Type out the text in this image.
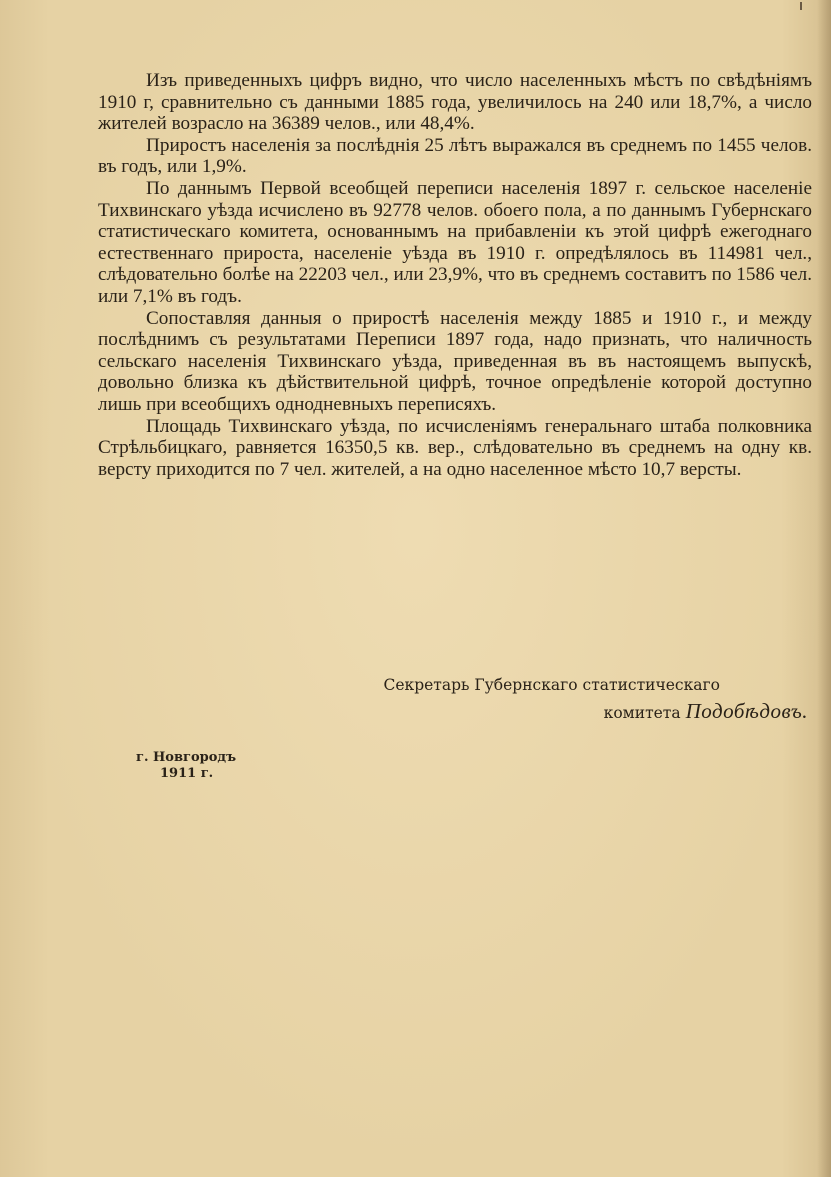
Изъ приведенныхъ цифръ видно, что число населенныхъ мѣстъ по свѣдѣніямъ 1910 г, сравнительно съ данными 1885 года, увеличилось на 240 или 18,7%, а число жителей возрасло на 36389 челов., или 48,4%.

Приростъ населенія за послѣднія 25 лѣтъ выражался въ среднемъ по 1455 челов. въ годъ, или 1,9%.

По даннымъ Первой всеобщей переписи населенія 1897 г. сельское населеніе Тихвинскаго уѣзда исчислено въ 92778 челов. обоего пола, а по даннымъ Губернскаго статистическаго комитета, основаннымъ на прибавленіи къ этой цифрѣ ежегоднаго естественнаго прироста, населеніе уѣзда въ 1910 г. опредѣлялось въ 114981 чел., слѣдовательно болѣе на 22203 чел., или 23,9%, что въ среднемъ составитъ по 1586 чел. или 7,1% въ годъ.

Сопоставляя данныя о приростѣ населенія между 1885 и 1910 г., и между послѣднимъ съ результатами Переписи 1897 года, надо признать, что наличность сельскаго населенія Тихвинскаго уѣзда, приведенная въ въ настоящемъ выпускѣ, довольно близка къ дѣйствительной цифрѣ, точное опредѣленіе которой доступно лишь при всеобщихъ однодневныхъ переписяхъ.

Площадь Тихвинскаго уѣзда, по исчисленіямъ генеральнаго штаба полковника Стрѣльбицкаго, равняется 16350,5 кв. вер., слѣдовательно въ среднемъ на одну кв. версту приходится по 7 чел. жителей, а на одно населенное мѣсто 10,7 версты.

Секретарь Губернскаго статистическаго
комитета Подобѣдовъ.
г. Новгородъ
1911 г.
